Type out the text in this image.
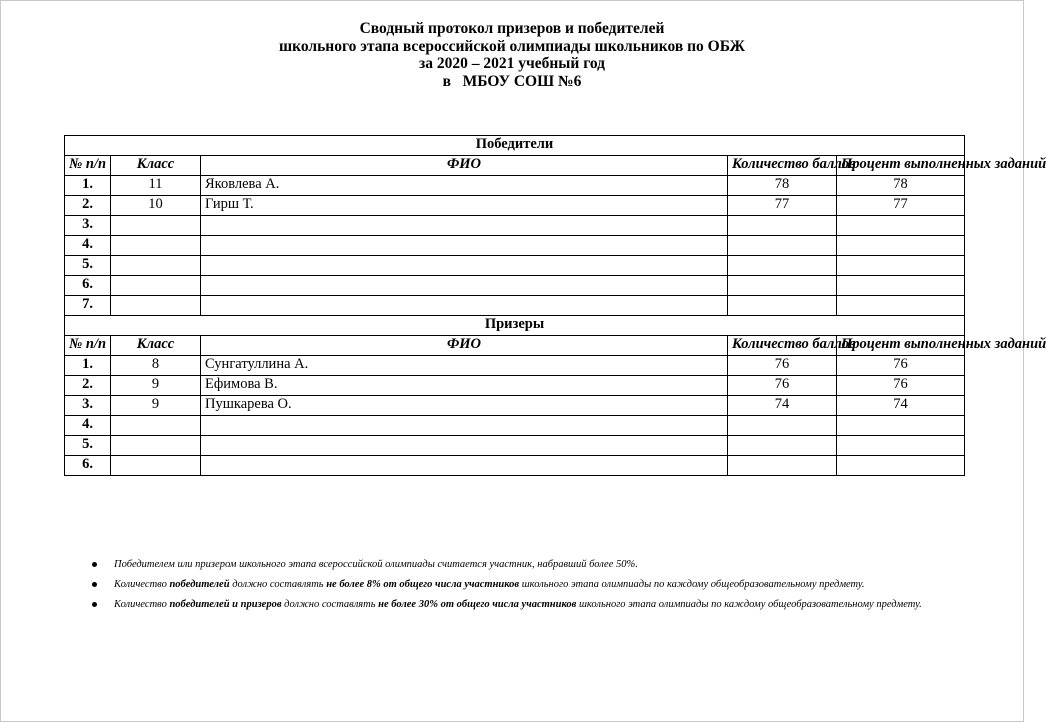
Сводный протокол призеров и победителей
школьного этапа всероссийской олимпиады школьников по ОБЖ
за 2020 – 2021 учебный год
в   МБОУ СОШ №6
Победители				
№ п/п	Класс	ФИО	Количество баллов	Процент выполненных заданий
1.	11	Яковлева А.	78	78
2.	10	Гирш Т.	77	77
3.				
4.				
5.				
6.				
7.				
Призеры				
№ п/п	Класс	ФИО	Количество баллов	Процент выполненных заданий
1.	8	Сунгатуллина А.	76	76
2.	9	Ефимова В.	76	76
3.	9	Пушкарева О.	74	74
4.				
5.				
6.				
Победителем или призером школьного этапа всероссийской олимпиады считается участник, набравший более 50%.
Количество победителей должно составлять не более 8% от общего числа участников школьного этапа олимпиады по каждому общеобразовательному предмету.
Количество победителей и призеров должно составлять не более 30% от общего числа участников школьного этапа олимпиады по каждому общеобразовательному предмету.
